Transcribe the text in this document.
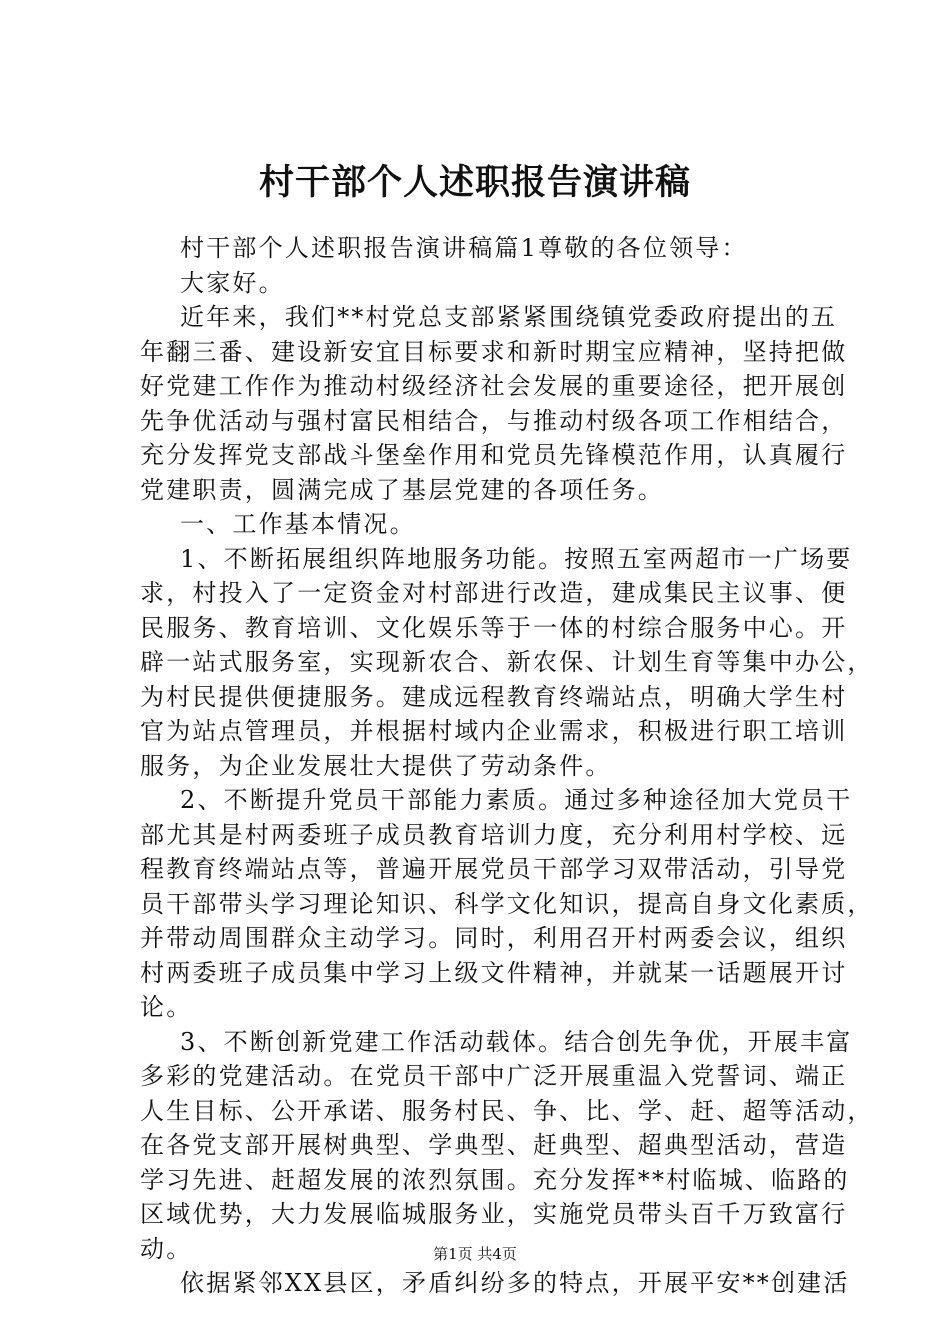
村干部个人述职报告演讲稿
村干部个人述职报告演讲稿篇1尊敬的各位领导：
大家好。
近年来，我们**村党总支部紧紧围绕镇党委政府提出的五
年翻三番、建设新安宜目标要求和新时期宝应精神，坚持把做
好党建工作作为推动村级经济社会发展的重要途径，把开展创
先争优活动与强村富民相结合，与推动村级各项工作相结合，
充分发挥党支部战斗堡垒作用和党员先锋模范作用，认真履行
党建职责，圆满完成了基层党建的各项任务。
一、工作基本情况。
1、不断拓展组织阵地服务功能。按照五室两超市一广场要
求，村投入了一定资金对村部进行改造，建成集民主议事、便
民服务、教育培训、文化娱乐等于一体的村综合服务中心。开
辟一站式服务室，实现新农合、新农保、计划生育等集中办公，
为村民提供便捷服务。建成远程教育终端站点，明确大学生村
官为站点管理员，并根据村域内企业需求，积极进行职工培训
服务，为企业发展壮大提供了劳动条件。
2、不断提升党员干部能力素质。通过多种途径加大党员干
部尤其是村两委班子成员教育培训力度，充分利用村学校、远
程教育终端站点等，普遍开展党员干部学习双带活动，引导党
员干部带头学习理论知识、科学文化知识，提高自身文化素质，
并带动周围群众主动学习。同时，利用召开村两委会议，组织
村两委班子成员集中学习上级文件精神，并就某一话题展开讨
论。
3、不断创新党建工作活动载体。结合创先争优，开展丰富
多彩的党建活动。在党员干部中广泛开展重温入党誓词、端正
人生目标、公开承诺、服务村民、争、比、学、赶、超等活动，
在各党支部开展树典型、学典型、赶典型、超典型活动，营造
学习先进、赶超发展的浓烈氛围。充分发挥**村临城、临路的
区域优势，大力发展临城服务业，实施党员带头百千万致富行
动。
依据紧邻XX县区，矛盾纠纷多的特点，开展平安**创建活
第1页 共4页
